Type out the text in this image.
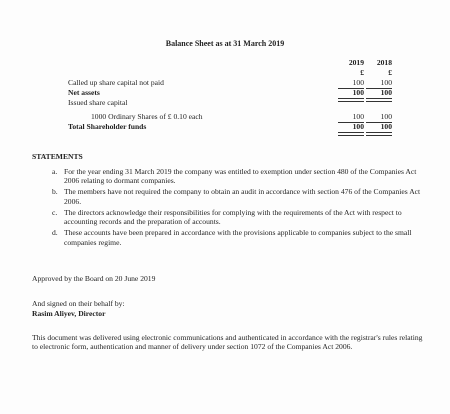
Balance Sheet as at 31 March 2019
2019	2018
£	£
Called up share capital not paid	100	100
Net assets	100	100
Issued share capital
1000 Ordinary Shares of £ 0.10 each	100	100
Total Shareholder funds	100	100
STATEMENTS
a. For the year ending 31 March 2019 the company was entitled to exemption under section 480 of the Companies Act 2006 relating to dormant companies.
b. The members have not required the company to obtain an audit in accordance with section 476 of the Companies Act 2006.
c. The directors acknowledge their responsibilities for complying with the requirements of the Act with respect to accounting records and the preparation of accounts.
d. These accounts have been prepared in accordance with the provisions applicable to companies subject to the small companies regime.
Approved by the Board on 20 June 2019
And signed on their behalf by:
Rasim Aliyev, Director
This document was delivered using electronic communications and authenticated in accordance with the registrar's rules relating to electronic form, authentication and manner of delivery under section 1072 of the Companies Act 2006.
